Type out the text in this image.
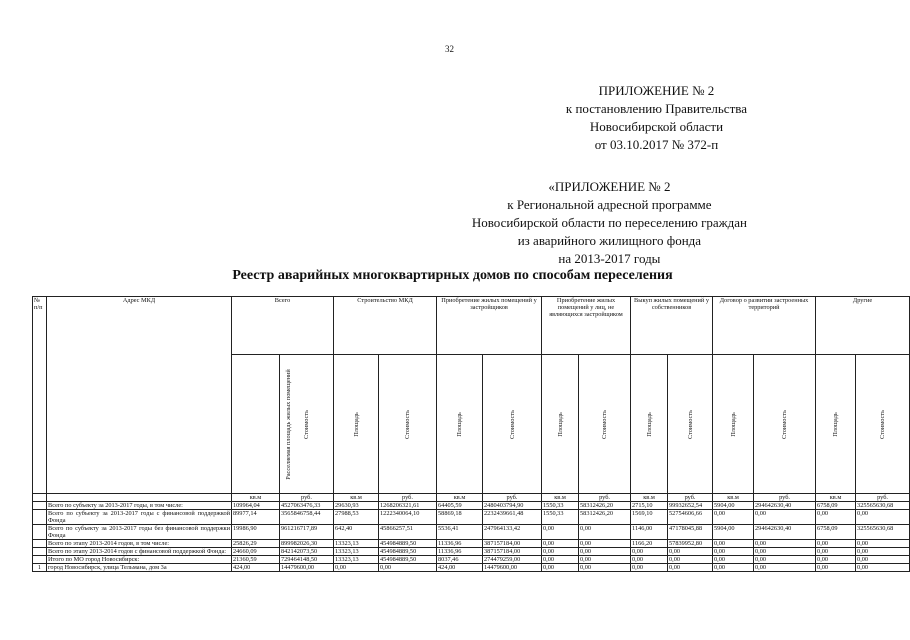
32
ПРИЛОЖЕНИЕ № 2
к постановлению Правительства
Новосибирской области
от 03.10.2017 № 372-п
«ПРИЛОЖЕНИЕ № 2
к Региональной адресной программе
Новосибирской области по переселению граждан
из аварийного жилищного фонда
на 2013-2017 годы
Реестр аварийных многоквартирных домов по способам переселения
№ п/п	Адрес МКД	Всего		Строительство МКД		Приобретение жилых помещений у застройщиков		Приобретение жилых помещений у лиц, не являющихся застройщиком		Выкуп жилых помещений у собственников		Договор о развитии застроенных территорий		Другие	
		Расселяемая площадь жилых помещений	Стоимость	Площадь	Стоимость	Площадь	Стоимость	Площадь	Стоимость	Площадь	Стоимость	Площадь	Стоимость	Площадь	Стоимость
		кв.м	руб.	кв.м	руб.	кв.м	руб.	кв.м	руб.	кв.м	руб.	кв.м	руб.	кв.м	руб.
	Всего по субъекту за 2013-2017 годы, в том числе:	109964,04	4527063476,33	29630,93	1268206321,61	64405,59	2480403794,90	1550,33	58312426,20	2715,10	99932652,54	5904,00	294642630,40	6758,09	325565630,68
	Всего по субъекту за 2013-2017 годы с финансовой поддержкой Фонда	89977,14	3565846758,44	27988,53	1222340064,10	58869,18	2232439661,48	1550,33	58312426,20	1569,10	52754606,66	0,00	0,00	0,00	0,00
	Всего по субъекту за 2013-2017 годы без финансовой поддержки Фонда	19986,90	961216717,89	642,40	45866257,51	5536,41	247964133,42	0,00	0,00	1146,00	47178045,88	5904,00	294642630,40	6758,09	325565630,68
	Всего по этапу 2013-2014 годов, в том числе:	25826,29	899982026,30	13323,13	454984889,50	11336,96	387157184,00	0,00	0,00	1166,20	57839952,80	0,00	0,00	0,00	0,00
	Всего по этапу 2013-2014 годов с финансовой поддержкой Фонда:	24660,09	842142073,50	13323,13	454984889,50	11336,96	387157184,00	0,00	0,00	0,00	0,00	0,00	0,00	0,00	0,00
	Итого по МО город Новосибирск:	21360,59	729464148,50	13323,13	454984889,50	8037,46	274479259,00	0,00	0,00	0,00	0,00	0,00	0,00	0,00	0,00
1	город Новосибирск, улица Тельмана, дом 3а	424,00	14479600,00	0,00	0,00	424,00	14479600,00	0,00	0,00	0,00	0,00	0,00	0,00	0,00	0,00
